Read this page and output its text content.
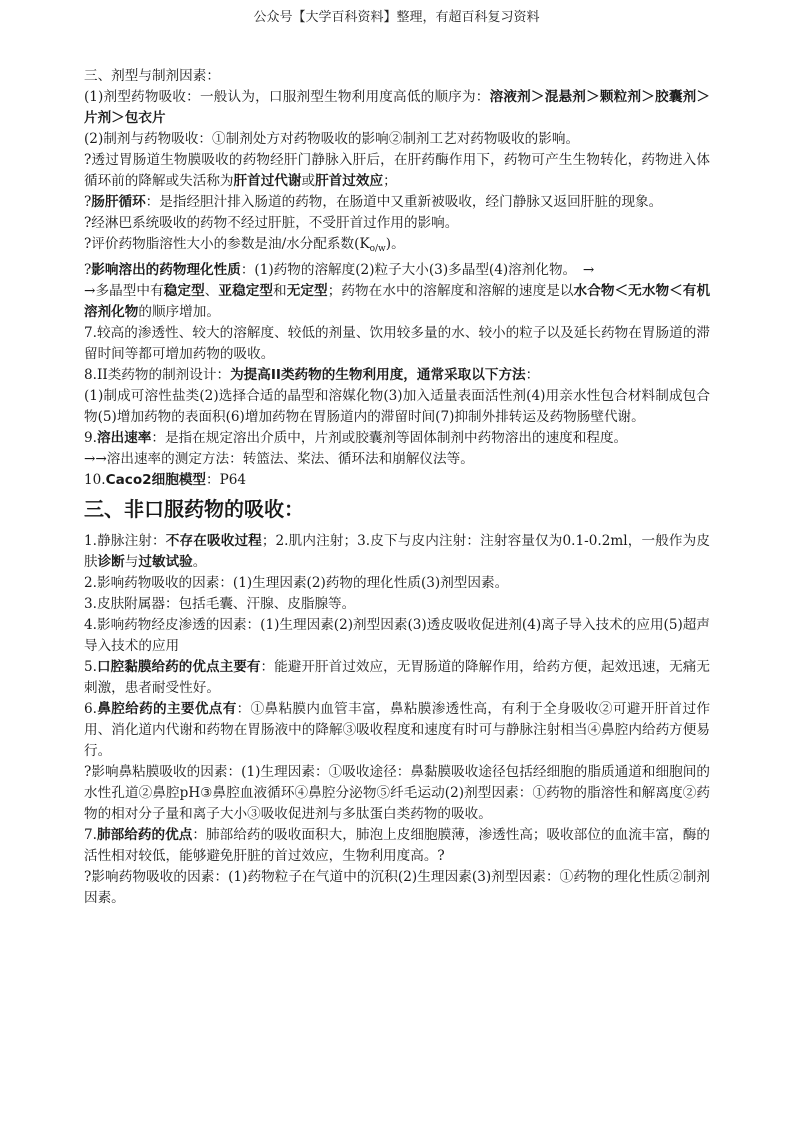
公众号【大学百科资料】整理，有超百科复习资料

三、剂型与制剂因素：

(1)剂型药物吸收：一般认为，口服剂型生物利用度高低的顺序为：溶液剂＞混悬剂＞颗粒剂＞胶囊剂＞片剂＞包衣片

(2)制剂与药物吸收：①制剂处方对药物吸收的影响②制剂工艺对药物吸收的影响。

?透过胃肠道生物膜吸收的药物经肝门静脉入肝后，在肝药酶作用下，药物可产生生物转化，药物进入体循环前的降解或失活称为肝首过代谢或肝首过效应；

?肠肝循环：是指经胆汁排入肠道的药物，在肠道中又重新被吸收，经门静脉又返回肝脏的现象。

?经淋巴系统吸收的药物不经过肝脏，不受肝首过作用的影响。

?评价药物脂溶性大小的参数是油/水分配系数$(K_{o/w})$。

?影响溶出的药物理化性质：(1)药物的溶解度(2)粒子大小(3)多晶型(4)溶剂化物。　→

→多晶型中有稳定型、亚稳定型和无定型；药物在水中的溶解度和溶解的速度是以水合物＜无水物＜有机溶剂化物的顺序增加。

7.较高的渗透性、较大的溶解度、较低的剂量、饮用较多量的水、较小的粒子以及延长药物在胃肠道的滞留时间等都可增加药物的吸收。

8.ⅠⅠ类药物的制剂设计：为提高ⅠⅠ类药物的生物利用度，通常采取以下方法：

(1)制成可溶性盐类(2)选择合适的晶型和溶媒化物(3)加入适量表面活性剂(4)用亲水性包合材料制成包合物(5)增加药物的表面积(6)增加药物在胃肠道内的滞留时间(7)抑制外排转运及药物肠壁代谢。

9.溶出速率：是指在规定溶出介质中，片剂或胶囊剂等固体制剂中药物溶出的速度和程度。

→→溶出速率的测定方法：转篮法、桨法、循环法和崩解仪法等。

10.Caco2细胞模型：P64

三、非口服药物的吸收：

1.静脉注射：不存在吸收过程；2.肌内注射；3.皮下与皮内注射：注射容量仅为0.1-0.2ml，一般作为皮肤诊断与过敏试验。

2.影响药物吸收的因素：(1)生理因素(2)药物的理化性质(3)剂型因素。

3.皮肤附属器：包括毛囊、汗腺、皮脂腺等。

4.影响药物经皮渗透的因素：(1)生理因素(2)剂型因素(3)透皮吸收促进剂(4)离子导入技术的应用(5)超声导入技术的应用

5.口腔黏膜给药的优点主要有：能避开肝首过效应，无胃肠道的降解作用，给药方便，起效迅速，无痛无刺激，患者耐受性好。

6.鼻腔给药的主要优点有：①鼻粘膜内血管丰富，鼻粘膜渗透性高，有利于全身吸收②可避开肝首过作用、消化道内代谢和药物在胃肠液中的降解③吸收程度和速度有时可与静脉注射相当④鼻腔内给药方便易行。

?影响鼻粘膜吸收的因素：(1)生理因素：①吸收途径：鼻黏膜吸收途径包括经细胞的脂质通道和细胞间的水性孔道②鼻腔pH③鼻腔血液循环④鼻腔分泌物⑤纤毛运动(2)剂型因素：①药物的脂溶性和解离度②药物的相对分子量和离子大小③吸收促进剂与多肽蛋白类药物的吸收。

7.肺部给药的优点：肺部给药的吸收面积大，肺泡上皮细胞膜薄，渗透性高；吸收部位的血流丰富，酶的活性相对较低，能够避免肝脏的首过效应，生物利用度高。?

?影响药物吸收的因素：(1)药物粒子在气道中的沉积(2)生理因素(3)剂型因素：①药物的理化性质②制剂因素。
